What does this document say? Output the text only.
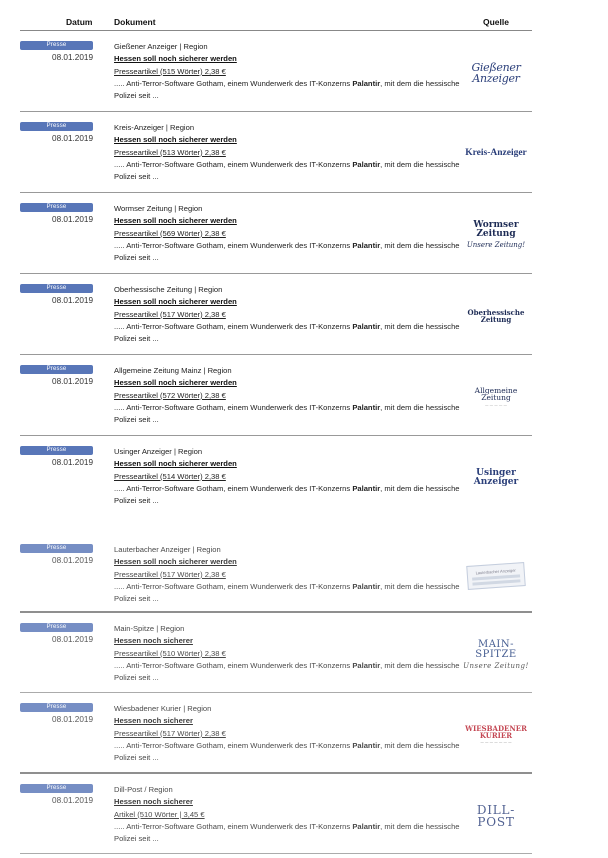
Datum	Dokument	Quelle
Presse
08.01.2019
Gießener Anzeiger | Region
Hessen soll noch sicherer werden
Presseartikel (515 Wörter) 2,38 €
..... Anti-Terror-Software Gotham, einem Wunderwerk des IT-Konzerns Palantir, mit dem die hessische Polizei seit ...
Gießener Anzeiger
Presse
08.01.2019
Kreis-Anzeiger | Region
Hessen soll noch sicherer werden
Presseartikel (513 Wörter) 2,38 €
..... Anti-Terror-Software Gotham, einem Wunderwerk des IT-Konzerns Palantir, mit dem die hessische Polizei seit ...
Kreis-Anzeiger
Presse
08.01.2019
Wormser Zeitung | Region
Hessen soll noch sicherer werden
Presseartikel (569 Wörter) 2,38 €
..... Anti-Terror-Software Gotham, einem Wunderwerk des IT-Konzerns Palantir, mit dem die hessische Polizei seit ...
Wormser Zeitung
Unsere Zeitung!
Presse
08.01.2019
Oberhessische Zeitung | Region
Hessen soll noch sicherer werden
Presseartikel (517 Wörter) 2,38 €
..... Anti-Terror-Software Gotham, einem Wunderwerk des IT-Konzerns Palantir, mit dem die hessische Polizei seit ...
Oberhessische Zeitung
Presse
08.01.2019
Allgemeine Zeitung Mainz | Region
Hessen soll noch sicherer werden
Presseartikel (572 Wörter) 2,38 €
..... Anti-Terror-Software Gotham, einem Wunderwerk des IT-Konzerns Palantir, mit dem die hessische Polizei seit ...
Allgemeine Zeitung
— — — — —
Presse
08.01.2019
Usinger Anzeiger | Region
Hessen soll noch sicherer werden
Presseartikel (514 Wörter) 2,38 €
..... Anti-Terror-Software Gotham, einem Wunderwerk des IT-Konzerns Palantir, mit dem die hessische Polizei seit ...
Usinger Anzeiger
Presse
08.01.2019
Lauterbacher Anzeiger | Region
Hessen soll noch sicherer werden
Presseartikel (517 Wörter) 2,38 €
..... Anti-Terror-Software Gotham, einem Wunderwerk des IT-Konzerns Palantir, mit dem die hessische Polizei seit ...
Lauterbacher Anzeiger
Presse
08.01.2019
Main-Spitze | Region
Hessen noch sicherer
Presseartikel (510 Wörter) 2,38 €
..... Anti-Terror-Software Gotham, einem Wunderwerk des IT-Konzerns Palantir, mit dem die hessische Polizei seit ...
MAIN-SPITZE
Unsere Zeitung!
Presse
08.01.2019
Wiesbadener Kurier | Region
Hessen noch sicherer
Presseartikel (517 Wörter) 2,38 €
..... Anti-Terror-Software Gotham, einem Wunderwerk des IT-Konzerns Palantir, mit dem die hessische Polizei seit ...
WIESBADENER KURIER
— — — — — — —
Presse
08.01.2019
Dill-Post / Region
Hessen noch sicherer
Artikel (510 Wörter | 3,45 €
..... Anti-Terror-Software Gotham, einem Wunderwerk des IT-Konzerns Palantir, mit dem die hessische Polizei seit ...
DILL-POST
